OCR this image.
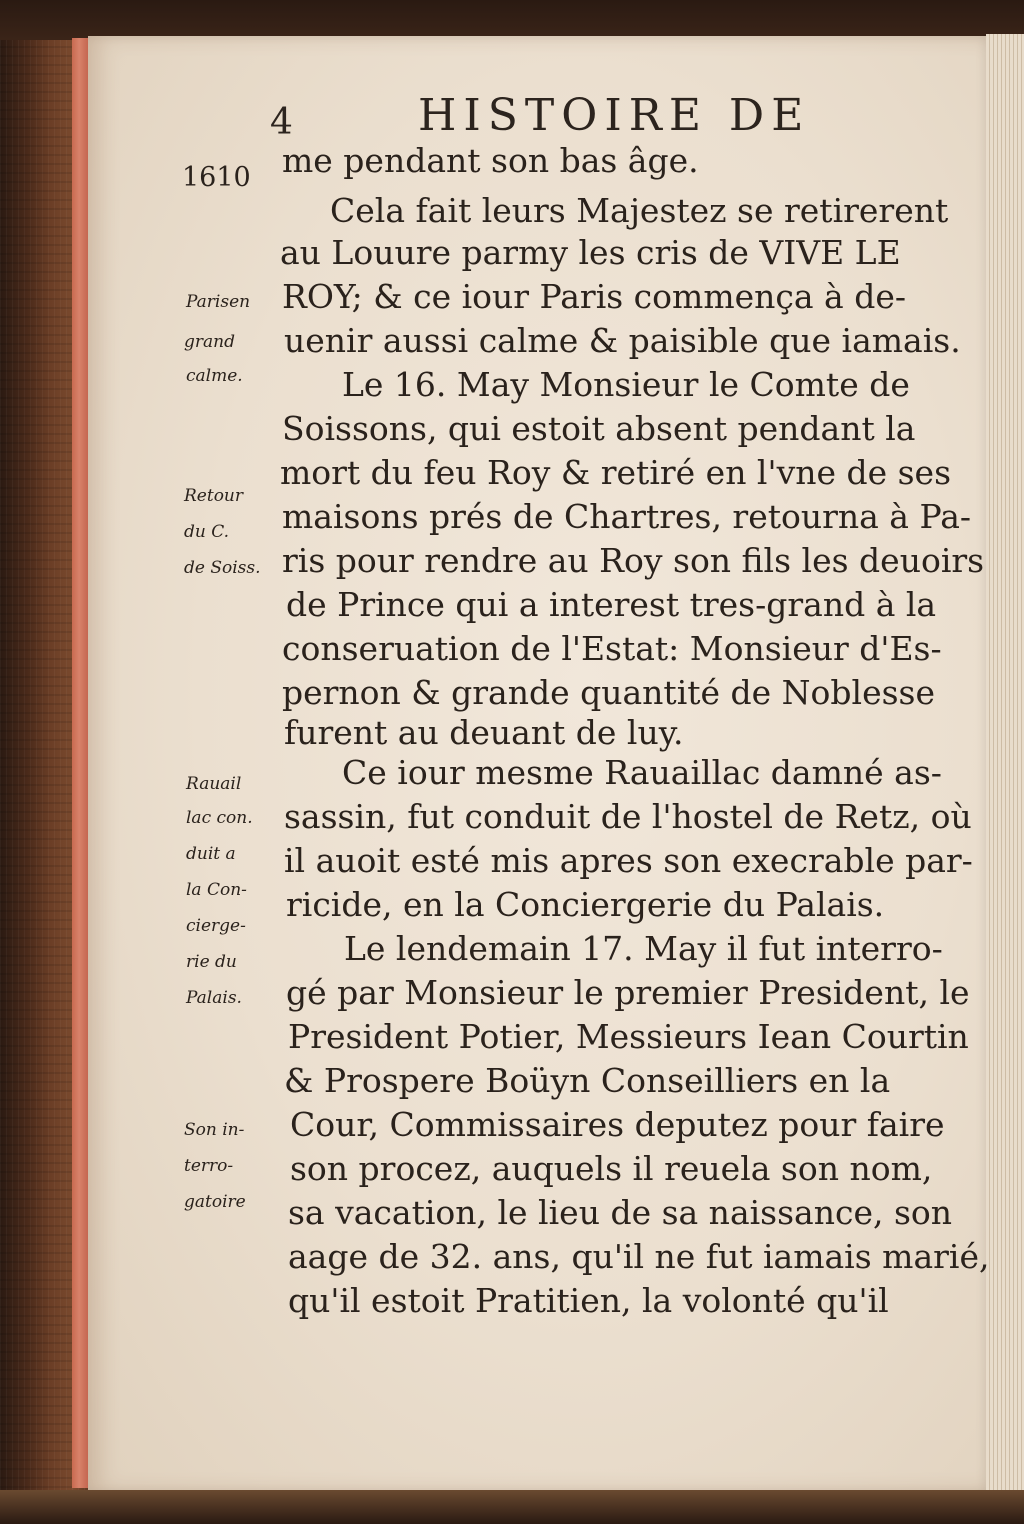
4	HISTOIRE DE
1610 me pendant son bas âge.
Cela fait leurs Majestez se retirerent
au Louure parmy les cris de VIVE LE
ROY; & ce iour Paris commença à de-
uenir aussi calme & paisible que iamais.
Le 16. May Monsieur le Comte de
Soissons, qui estoit absent pendant la
mort du feu Roy & retiré en l'vne de ses
maisons prés de Chartres, retourna à Pa-
ris pour rendre au Roy son fils les deuoirs
de Prince qui a interest tres-grand à la
conseruation de l'Estat: Monsieur d'Es-
pernon & grande quantité de Noblesse
furent au deuant de luy.
Ce iour mesme Rauaillac damné as-
sassin, fut conduit de l'hostel de Retz, où
il auoit esté mis apres son execrable par-
ricide, en la Conciergerie du Palais.
Le lendemain 17. May il fut interro-
gé par Monsieur le premier President, le
President Potier, Messieurs Iean Courtin
& Prospere Boüyn Conseilliers en la
Cour, Commissaires deputez pour faire
son procez, auquels il reuela son nom,
sa vacation, le lieu de sa naissance, son
aage de 32. ans, qu'il ne fut iamais marié,
qu'il estoit Pratitien, la volonté qu'il
Parisen
grand
calme.
Retour
du C.
de Soiss.
Rauail
lac con.
duit a
la Con-
cierge-
rie du
Palais.
Son in-
terro-
gatoire
